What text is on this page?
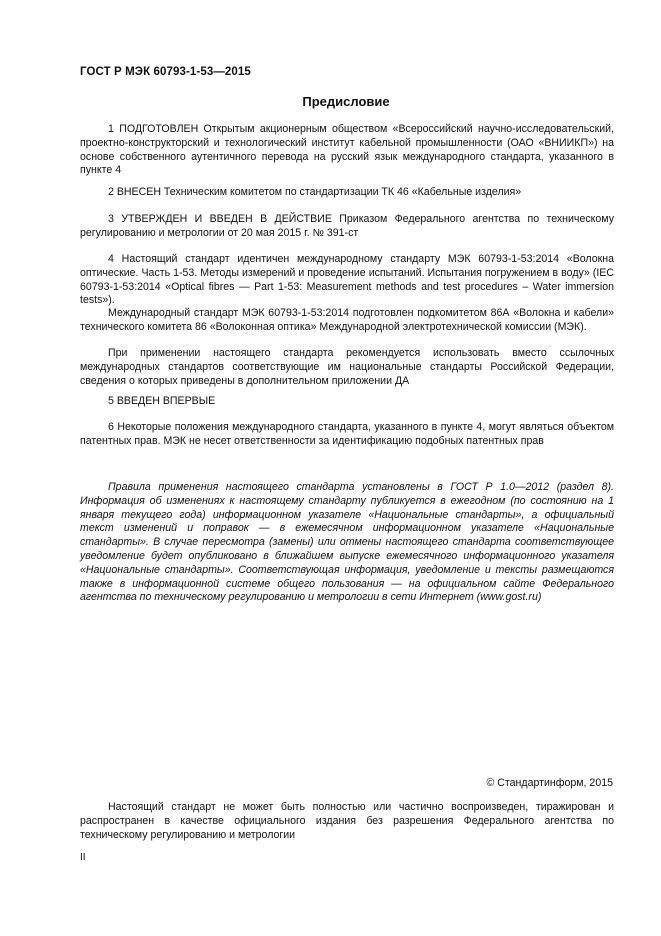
ГОСТ Р МЭК 60793-1-53—2015
Предисловие

1 ПОДГОТОВЛЕН Открытым акционерным обществом «Всероссийский научно-исследовательский, проектно-конструкторский и технологический институт кабельной промышленности (ОАО «ВНИИКП») на основе собственного аутентичного перевода на русский язык международного стандарта, указанного в пункте 4

2 ВНЕСЕН Техническим комитетом по стандартизации ТК 46 «Кабельные изделия»

3 УТВЕРЖДЕН И ВВЕДЕН В ДЕЙСТВИЕ Приказом Федерального агентства по техническому регулированию и метрологии от 20 мая 2015 г. № 391-ст

4 Настоящий стандарт идентичен международному стандарту МЭК 60793-1-53:2014 «Волокна оптические. Часть 1-53. Методы измерений и проведение испытаний. Испытания погружением в воду» (IEC 60793-1-53:2014 «Optical fibres — Part 1-53: Measurement methods and test procedures – Water immersion tests»).

Международный стандарт МЭК 60793-1-53:2014 подготовлен подкомитетом 86А «Волокна и кабели» технического комитета 86 «Волоконная оптика» Международной электротехнической комиссии (МЭК).

При применении настоящего стандарта рекомендуется использовать вместо ссылочных международных стандартов соответствующие им национальные стандарты Российской Федерации, сведения о которых приведены в дополнительном приложении ДА

5 ВВЕДЕН ВПЕРВЫЕ

6 Некоторые положения международного стандарта, указанного в пункте 4, могут являться объектом патентных прав. МЭК не несет ответственности за идентификацию подобных патентных прав

Правила применения настоящего стандарта установлены в ГОСТ Р 1.0—2012 (раздел 8). Информация об изменениях к настоящему стандарту публикуется в ежегодном (по состоянию на 1 января текущего года) информационном указателе «Национальные стандарты», а официальный текст изменений и поправок — в ежемесячном информационном указателе «Национальные стандарты». В случае пересмотра (замены) или отмены настоящего стандарта соответствующее уведомление будет опубликовано в ближайшем выпуске ежемесячного информационного указателя «Национальные стандарты». Соответствующая информация, уведомление и тексты размещаются также в информационной системе общего пользования — на официальном сайте Федерального агентства по техническому регулированию и метрологии в сети Интернет (www.gost.ru)

© Стандартинформ, 2015

Настоящий стандарт не может быть полностью или частично воспроизведен, тиражирован и распространен в качестве официального издания без разрешения Федерального агентства по техническому регулированию и метрологии

II
